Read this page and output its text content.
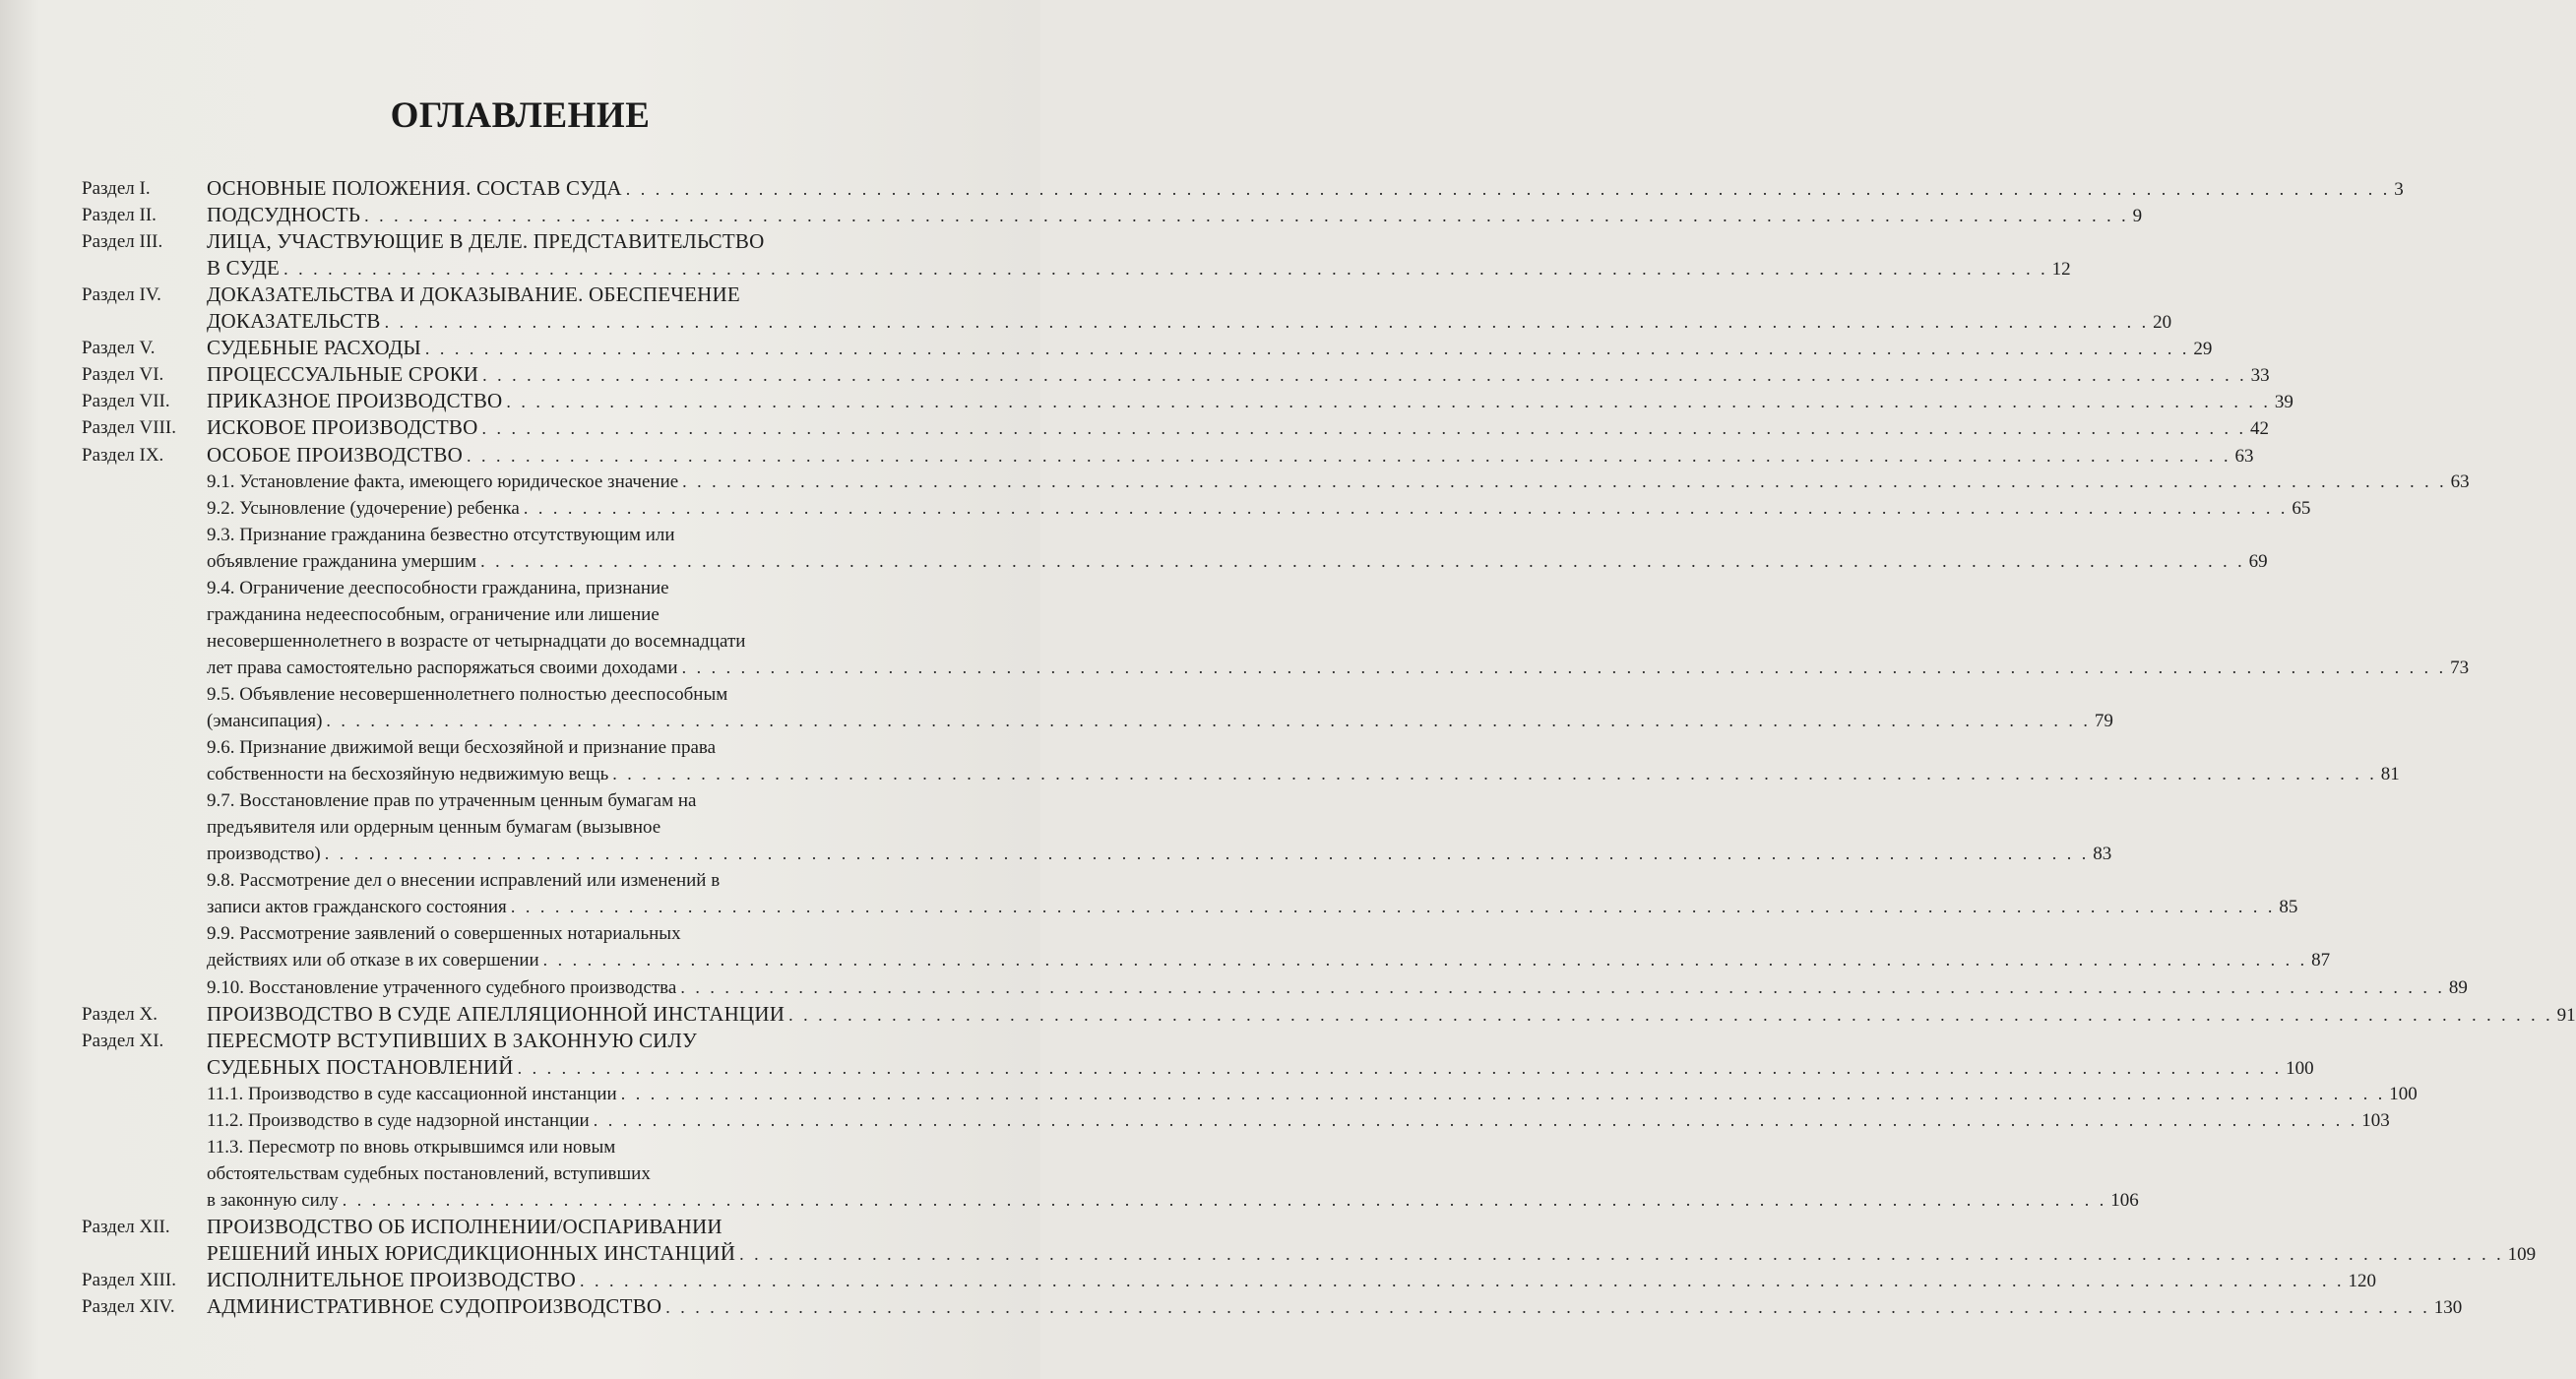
ОГЛАВЛЕНИЕ
Раздел I.	ОСНОВНЫЕ ПОЛОЖЕНИЯ. СОСТАВ СУДА . . . . . . . . . . . . . . . . . . . . . . . . . . . . . . . . . . . . . . . . . . . . . . . . . . . . . . . . . . . . . . . . . . . . . . . . . . . . . . . . . . . . . . . . . . . . . . . . . . . . . . . . . . . . . . . . . . . . . . . . 3
Раздел II.	ПОДСУДНОСТЬ . . . . . . . . . . . . . . . . . . . . . . . . . . . . . . . . . . . . . . . . . . . . . . . . . . . . . . . . . . . . . . . . . . . . . . . . . . . . . . . . . . . . . . . . . . . . . . . . . . . . . . . . . . . . . . . . . . . . . . . . 9
Раздел III.	ЛИЦА, УЧАСТВУЮЩИЕ В ДЕЛЕ. ПРЕДСТАВИТЕЛЬСТВО
В СУДЕ . . . . . . . . . . . . . . . . . . . . . . . . . . . . . . . . . . . . . . . . . . . . . . . . . . . . . . . . . . . . . . . . . . . . . . . . . . . . . . . . . . . . . . . . . . . . . . . . . . . . . . . . . . . . . . . . . . . . . . . . 12
Раздел IV.	ДОКАЗАТЕЛЬСТВА И ДОКАЗЫВАНИЕ. ОБЕСПЕЧЕНИЕ
ДОКАЗАТЕЛЬСТВ . . . . . . . . . . . . . . . . . . . . . . . . . . . . . . . . . . . . . . . . . . . . . . . . . . . . . . . . . . . . . . . . . . . . . . . . . . . . . . . . . . . . . . . . . . . . . . . . . . . . . . . . . . . . . . . . . . . . . . . . 20
Раздел V.	СУДЕБНЫЕ РАСХОДЫ . . . . . . . . . . . . . . . . . . . . . . . . . . . . . . . . . . . . . . . . . . . . . . . . . . . . . . . . . . . . . . . . . . . . . . . . . . . . . . . . . . . . . . . . . . . . . . . . . . . . . . . . . . . . . . . . . . . . . . . . 29
Раздел VI.	ПРОЦЕССУАЛЬНЫЕ СРОКИ . . . . . . . . . . . . . . . . . . . . . . . . . . . . . . . . . . . . . . . . . . . . . . . . . . . . . . . . . . . . . . . . . . . . . . . . . . . . . . . . . . . . . . . . . . . . . . . . . . . . . . . . . . . . . . . . . . . . . . . . 33
Раздел VII.	ПРИКАЗНОЕ ПРОИЗВОДСТВО . . . . . . . . . . . . . . . . . . . . . . . . . . . . . . . . . . . . . . . . . . . . . . . . . . . . . . . . . . . . . . . . . . . . . . . . . . . . . . . . . . . . . . . . . . . . . . . . . . . . . . . . . . . . . . . . . . . . . . . . 39
Раздел VIII.	ИСКОВОЕ ПРОИЗВОДСТВО . . . . . . . . . . . . . . . . . . . . . . . . . . . . . . . . . . . . . . . . . . . . . . . . . . . . . . . . . . . . . . . . . . . . . . . . . . . . . . . . . . . . . . . . . . . . . . . . . . . . . . . . . . . . . . . . . . . . . . . . 42
Раздел IX.	ОСОБОЕ ПРОИЗВОДСТВО . . . . . . . . . . . . . . . . . . . . . . . . . . . . . . . . . . . . . . . . . . . . . . . . . . . . . . . . . . . . . . . . . . . . . . . . . . . . . . . . . . . . . . . . . . . . . . . . . . . . . . . . . . . . . . . . . . . . . . . . 63
9.1. Установление факта, имеющего юридическое значение . . . . . . . . . . . . . . . . . . . . . . . . . . . . . . . . . . . . . . . . . . . . . . . . . . . . . . . . . . . . . . . . . . . . . . . . . . . . . . . . . . . . . . . . . . . . . . . . . . . . . . . . . . . . . . . . . . . . . . . . 63
9.2. Усыновление (удочерение) ребенка . . . . . . . . . . . . . . . . . . . . . . . . . . . . . . . . . . . . . . . . . . . . . . . . . . . . . . . . . . . . . . . . . . . . . . . . . . . . . . . . . . . . . . . . . . . . . . . . . . . . . . . . . . . . . . . . . . . . . . . . 65
9.3. Признание гражданина безвестно отсутствующим или
объявление гражданина умершим . . . . . . . . . . . . . . . . . . . . . . . . . . . . . . . . . . . . . . . . . . . . . . . . . . . . . . . . . . . . . . . . . . . . . . . . . . . . . . . . . . . . . . . . . . . . . . . . . . . . . . . . . . . . . . . . . . . . . . . . 69
9.4. Ограничение дееспособности гражданина, признание
гражданина недееспособным, ограничение или лишение
несовершеннолетнего в возрасте от четырнадцати до восемнадцати
лет права самостоятельно распоряжаться своими доходами . . . . . . . . . . . . . . . . . . . . . . . . . . . . . . . . . . . . . . . . . . . . . . . . . . . . . . . . . . . . . . . . . . . . . . . . . . . . . . . . . . . . . . . . . . . . . . . . . . . . . . . . . . . . . . . . . . . . . . . . 73
9.5. Объявление несовершеннолетнего полностью дееспособным
(эмансипация) . . . . . . . . . . . . . . . . . . . . . . . . . . . . . . . . . . . . . . . . . . . . . . . . . . . . . . . . . . . . . . . . . . . . . . . . . . . . . . . . . . . . . . . . . . . . . . . . . . . . . . . . . . . . . . . . . . . . . . . . 79
9.6. Признание движимой вещи бесхозяйной и признание права
собственности на бесхозяйную недвижимую вещь . . . . . . . . . . . . . . . . . . . . . . . . . . . . . . . . . . . . . . . . . . . . . . . . . . . . . . . . . . . . . . . . . . . . . . . . . . . . . . . . . . . . . . . . . . . . . . . . . . . . . . . . . . . . . . . . . . . . . . . . 81
9.7. Восстановление прав по утраченным ценным бумагам на
предъявителя или ордерным ценным бумагам (вызывное
производство) . . . . . . . . . . . . . . . . . . . . . . . . . . . . . . . . . . . . . . . . . . . . . . . . . . . . . . . . . . . . . . . . . . . . . . . . . . . . . . . . . . . . . . . . . . . . . . . . . . . . . . . . . . . . . . . . . . . . . . . . 83
9.8. Рассмотрение дел о внесении исправлений или изменений в
записи актов гражданского состояния . . . . . . . . . . . . . . . . . . . . . . . . . . . . . . . . . . . . . . . . . . . . . . . . . . . . . . . . . . . . . . . . . . . . . . . . . . . . . . . . . . . . . . . . . . . . . . . . . . . . . . . . . . . . . . . . . . . . . . . . 85
9.9. Рассмотрение заявлений о совершенных нотариальных
действиях или об отказе в их совершении . . . . . . . . . . . . . . . . . . . . . . . . . . . . . . . . . . . . . . . . . . . . . . . . . . . . . . . . . . . . . . . . . . . . . . . . . . . . . . . . . . . . . . . . . . . . . . . . . . . . . . . . . . . . . . . . . . . . . . . . 87
9.10. Восстановление утраченного судебного производства . . . . . . . . . . . . . . . . . . . . . . . . . . . . . . . . . . . . . . . . . . . . . . . . . . . . . . . . . . . . . . . . . . . . . . . . . . . . . . . . . . . . . . . . . . . . . . . . . . . . . . . . . . . . . . . . . . . . . . . . 89
Раздел X.	ПРОИЗВОДСТВО В СУДЕ АПЕЛЛЯЦИОННОЙ ИНСТАНЦИИ . . . . . . . . . . . . . . . . . . . . . . . . . . . . . . . . . . . . . . . . . . . . . . . . . . . . . . . . . . . . . . . . . . . . . . . . . . . . . . . . . . . . . . . . . . . . . . . . . . . . . . . . . . . . . . . . . . . . . . . . 91
Раздел XI.	ПЕРЕСМОТР ВСТУПИВШИХ В ЗАКОННУЮ СИЛУ
СУДЕБНЫХ ПОСТАНОВЛЕНИЙ . . . . . . . . . . . . . . . . . . . . . . . . . . . . . . . . . . . . . . . . . . . . . . . . . . . . . . . . . . . . . . . . . . . . . . . . . . . . . . . . . . . . . . . . . . . . . . . . . . . . . . . . . . . . . . . . . . . . . . . . 100
11.1. Производство в суде кассационной инстанции . . . . . . . . . . . . . . . . . . . . . . . . . . . . . . . . . . . . . . . . . . . . . . . . . . . . . . . . . . . . . . . . . . . . . . . . . . . . . . . . . . . . . . . . . . . . . . . . . . . . . . . . . . . . . . . . . . . . . . . . 100
11.2. Производство в суде надзорной инстанции . . . . . . . . . . . . . . . . . . . . . . . . . . . . . . . . . . . . . . . . . . . . . . . . . . . . . . . . . . . . . . . . . . . . . . . . . . . . . . . . . . . . . . . . . . . . . . . . . . . . . . . . . . . . . . . . . . . . . . . . 103
11.3. Пересмотр по вновь открывшимся или новым
обстоятельствам судебных постановлений, вступивших
в законную силу . . . . . . . . . . . . . . . . . . . . . . . . . . . . . . . . . . . . . . . . . . . . . . . . . . . . . . . . . . . . . . . . . . . . . . . . . . . . . . . . . . . . . . . . . . . . . . . . . . . . . . . . . . . . . . . . . . . . . . . . 106
Раздел XII.	ПРОИЗВОДСТВО ОБ ИСПОЛНЕНИИ/ОСПАРИВАНИИ
РЕШЕНИЙ ИНЫХ ЮРИСДИКЦИОННЫХ ИНСТАНЦИЙ . . . . . . . . . . . . . . . . . . . . . . . . . . . . . . . . . . . . . . . . . . . . . . . . . . . . . . . . . . . . . . . . . . . . . . . . . . . . . . . . . . . . . . . . . . . . . . . . . . . . . . . . . . . . . . . . . . . . . . . . 109
Раздел XIII.	ИСПОЛНИТЕЛЬНОЕ ПРОИЗВОДСТВО . . . . . . . . . . . . . . . . . . . . . . . . . . . . . . . . . . . . . . . . . . . . . . . . . . . . . . . . . . . . . . . . . . . . . . . . . . . . . . . . . . . . . . . . . . . . . . . . . . . . . . . . . . . . . . . . . . . . . . . . 120
Раздел XIV.	АДМИНИСТРАТИВНОЕ СУДОПРОИЗВОДСТВО . . . . . . . . . . . . . . . . . . . . . . . . . . . . . . . . . . . . . . . . . . . . . . . . . . . . . . . . . . . . . . . . . . . . . . . . . . . . . . . . . . . . . . . . . . . . . . . . . . . . . . . . . . . . . . . . . . . . . . . . 130
